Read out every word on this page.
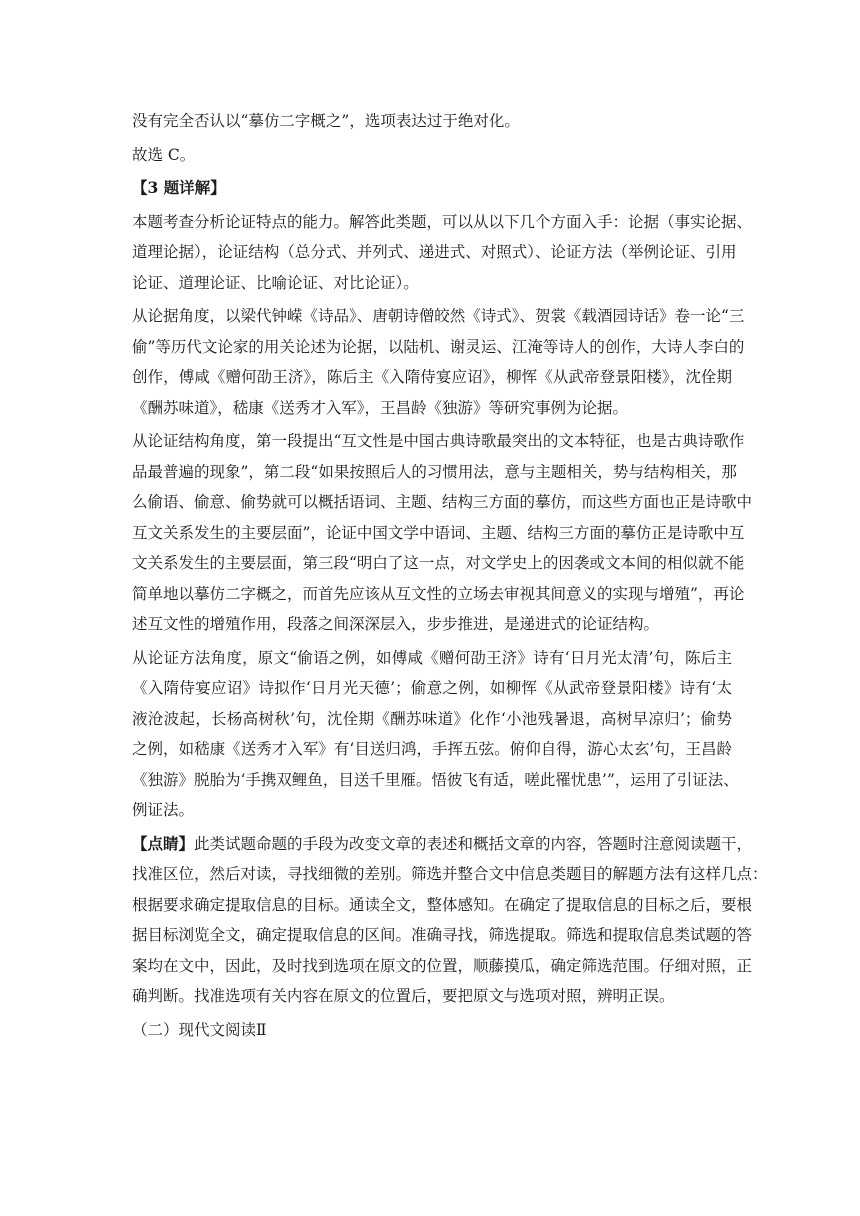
没有完全否认以“摹仿二字概之”，选项表达过于绝对化。

故选 C。

【3 题详解】

本题考查分析论证特点的能力。解答此类题，可以从以下几个方面入手：论据（事实论据、
道理论据），论证结构（总分式、并列式、递进式、对照式）、论证方法（举例论证、引用
论证、道理论证、比喻论证、对比论证）。

从论据角度，以梁代钟嵘《诗品》、唐朝诗僧皎然《诗式》、贺裳《载酒园诗话》卷一论“三
偷”等历代文论家的用关论述为论据，以陆机、谢灵运、江淹等诗人的创作，大诗人李白的
创作，傅咸《赠何劭王济》，陈后主《入隋侍宴应诏》，柳恽《从武帝登景阳楼》，沈佺期
《酬苏味道》，嵇康《送秀才入军》，王昌龄《独游》等研究事例为论据。

从论证结构角度，第一段提出“互文性是中国古典诗歌最突出的文本特征，也是古典诗歌作
品最普遍的现象”，第二段“如果按照后人的习惯用法，意与主题相关，势与结构相关，那
么偷语、偷意、偷势就可以概括语词、主题、结构三方面的摹仿，而这些方面也正是诗歌中
互文关系发生的主要层面”，论证中国文学中语词、主题、结构三方面的摹仿正是诗歌中互
文关系发生的主要层面，第三段“明白了这一点，对文学史上的因袭或文本间的相似就不能
简单地以摹仿二字概之，而首先应该从互文性的立场去审视其间意义的实现与增殖”，再论
述互文性的增殖作用，段落之间深深层入，步步推进，是递进式的论证结构。

从论证方法角度，原文“偷语之例，如傅咸《赠何劭王济》诗有‘日月光太清’句，陈后主
《入隋侍宴应诏》诗拟作‘日月光天德’；偷意之例，如柳恽《从武帝登景阳楼》诗有‘太
液沧波起，长杨高树秋’句，沈佺期《酬苏味道》化作‘小池残暑退，高树早凉归’；偷势
之例，如嵇康《送秀才入军》有‘目送归鸿，手挥五弦。俯仰自得，游心太玄’句，王昌龄
《独游》脱胎为‘手携双鲤鱼，目送千里雁。悟彼飞有适，嗟此罹忧患’”，运用了引证法、
例证法。

【点睛】此类试题命题的手段为改变文章的表述和概括文章的内容，答题时注意阅读题干，
找准区位，然后对读，寻找细微的差别。筛选并整合文中信息类题目的解题方法有这样几点：
根据要求确定提取信息的目标。通读全文，整体感知。在确定了提取信息的目标之后，要根
据目标浏览全文，确定提取信息的区间。准确寻找，筛选提取。筛选和提取信息类试题的答
案均在文中，因此，及时找到选项在原文的位置，顺藤摸瓜，确定筛选范围。仔细对照，正
确判断。找准选项有关内容在原文的位置后，要把原文与选项对照，辨明正误。

（二）现代文阅读Ⅱ
